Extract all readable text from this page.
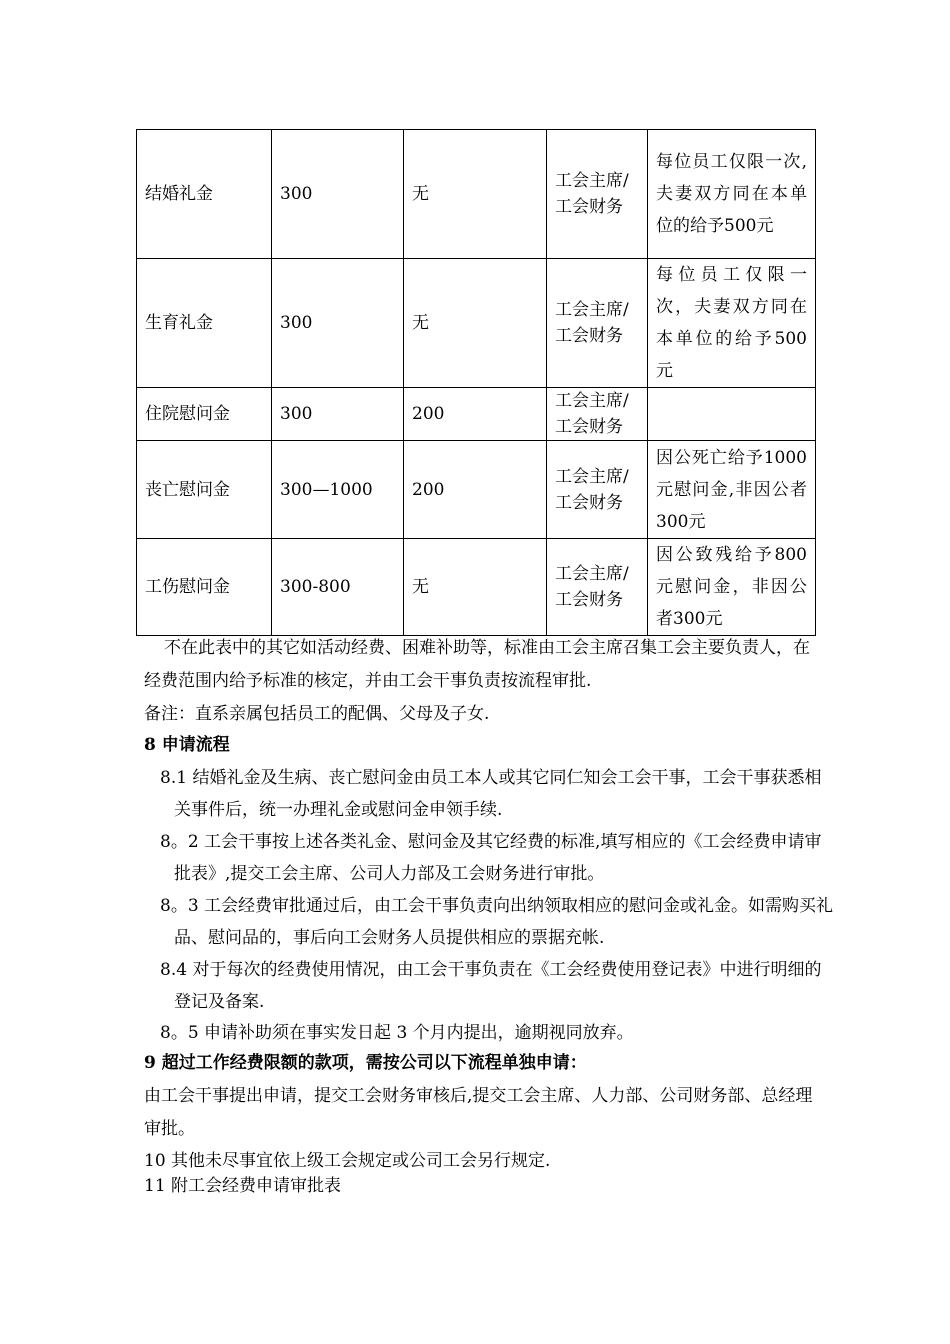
结婚礼金	300	无	工会主席/工会财务	每位员工仅限一次,夫妻双方同在本单位的给予500元
生育礼金	300	无	工会主席/工会财务	每位员工仅限一次，夫妻双方同在本单位的给予500元
住院慰问金	300	200	工会主席/工会财务	
丧亡慰问金	300—1000	200	工会主席/工会财务	因公死亡给予1000元慰问金,非因公者300元
工伤慰问金	300-800	无	工会主席/工会财务	因公致残给予800元慰问金，非因公者300元

不在此表中的其它如活动经费、困难补助等，标准由工会主席召集工会主要负责人，在经费范围内给予标准的核定，并由工会干事负责按流程审批.

备注：直系亲属包括员工的配偶、父母及子女.

8 申请流程

8.1 结婚礼金及生病、丧亡慰问金由员工本人或其它同仁知会工会干事，工会干事获悉相关事件后，统一办理礼金或慰问金申领手续.

8。2 工会干事按上述各类礼金、慰问金及其它经费的标准,填写相应的《工会经费申请审批表》,提交工会主席、公司人力部及工会财务进行审批。

8。3 工会经费审批通过后，由工会干事负责向出纳领取相应的慰问金或礼金。如需购买礼品、慰问品的，事后向工会财务人员提供相应的票据充帐.

8.4 对于每次的经费使用情况，由工会干事负责在《工会经费使用登记表》中进行明细的登记及备案.

8。5 申请补助须在事实发日起 3 个月内提出，逾期视同放弃。

9 超过工作经费限额的款项，需按公司以下流程单独申请：

由工会干事提出申请，提交工会财务审核后,提交工会主席、人力部、公司财务部、总经理审批。

10 其他未尽事宜依上级工会规定或公司工会另行规定.

11 附工会经费申请审批表
